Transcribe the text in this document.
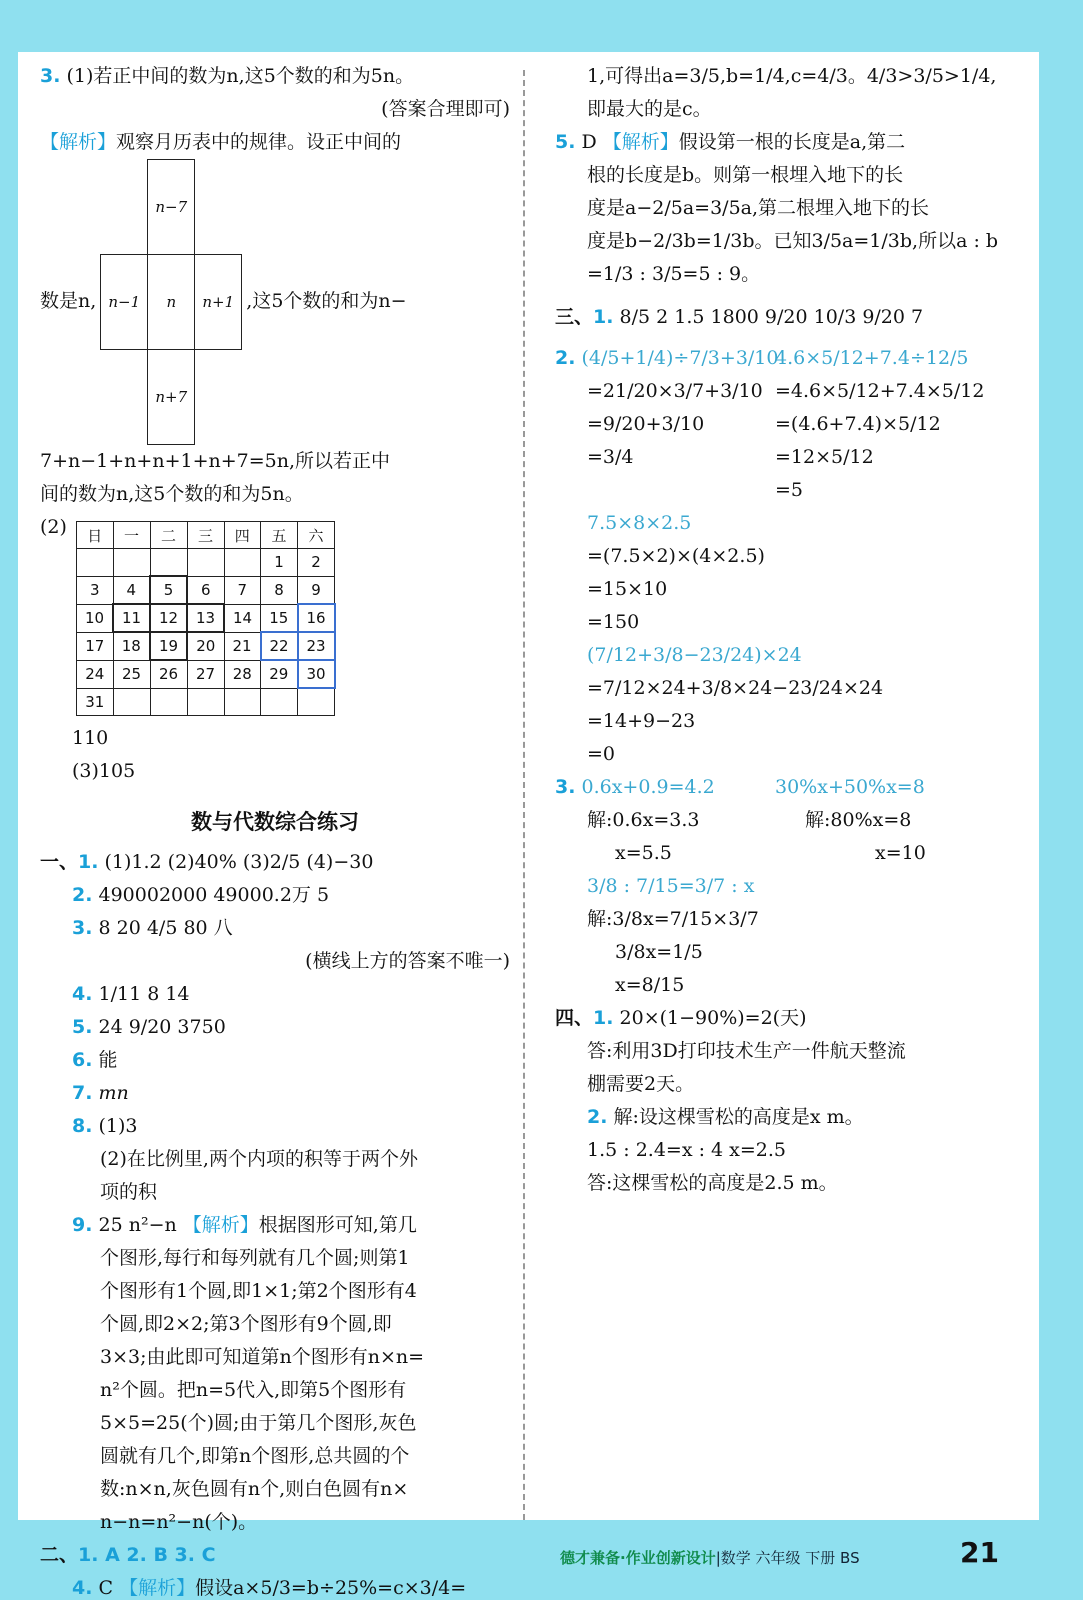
3. (1)若正中间的数为n,这5个数的和为5n。
(答案合理即可)
【解析】观察月历表中的规律。设正中间的
数是n,
	n−7	
n−1	n	n+1
	n+7	
,这5个数的和为n−
7+n−1+n+n+1+n+7=5n,所以若正中
间的数为n,这5个数的和为5n。
(2)	日	一	二	三	四	五	六
					1	2
3	4	5	6	7	8	9
10	11	12	13	14	15	16
17	18	19	20	21	22	23
24	25	26	27	28	29	30
31						
110
(3)105
数与代数综合练习
一、1. (1)1.2 (2)40% (3)2/5 (4)−30
2. 490002000 49000.2万 5
3. 8 20 4/5 80 八
(横线上方的答案不唯一)
4. 1/11 8 14
5. 24 9/20 3750
6. 能
7. mn
8. (1)3
(2)在比例里,两个内项的积等于两个外
项的积
9. 25 n²−n 【解析】根据图形可知,第几
个图形,每行和每列就有几个圆;则第1
个图形有1个圆,即1×1;第2个图形有4
个圆,即2×2;第3个图形有9个圆,即
3×3;由此即可知道第n个图形有n×n=
n²个圆。把n=5代入,即第5个图形有
5×5=25(个)圆;由于第几个图形,灰色
圆就有几个,即第n个图形,总共圆的个
数:n×n,灰色圆有n个,则白色圆有n×
n−n=n²−n(个)。
二、1. A 2. B 3. C
4. C 【解析】假设a×5/3=b÷25%=c×3/4=
1,可得出a=3/5,b=1/4,c=4/3。4/3>3/5>1/4,
即最大的是c。
5. D 【解析】假设第一根的长度是a,第二
根的长度是b。则第一根埋入地下的长
度是a−2/5a=3/5a,第二根埋入地下的长
度是b−2/3b=1/3b。已知3/5a=1/3b,所以a : b
=1/3 : 3/5=5 : 9。
三、1. 8/5 2 1.5 1800 9/20 10/3 9/20 7
2. (4/5+1/4)÷7/3+3/10
=21/20×3/7+3/10
=9/20+3/10
=3/4
4.6×5/12+7.4÷12/5
=4.6×5/12+7.4×5/12
=(4.6+7.4)×5/12
=12×5/12
=5
7.5×8×2.5
=(7.5×2)×(4×2.5)
=15×10
=150
(7/12+3/8−23/24)×24
=7/12×24+3/8×24−23/24×24
=14+9−23
=0
3. 0.6x+0.9=4.2
解:0.6x=3.3
x=5.5
30%x+50%x=8
解:80%x=8
x=10
3/8 : 7/15=3/7 : x
解:3/8x=7/15×3/7
3/8x=1/5
x=8/15
四、1. 20×(1−90%)=2(天)
答:利用3D打印技术生产一件航天整流
棚需要2天。
2. 解:设这棵雪松的高度是x m。
1.5 : 2.4=x : 4 x=2.5
答:这棵雪松的高度是2.5 m。
德才兼备·作业创新设计|数学 六年级 下册 BS	21
